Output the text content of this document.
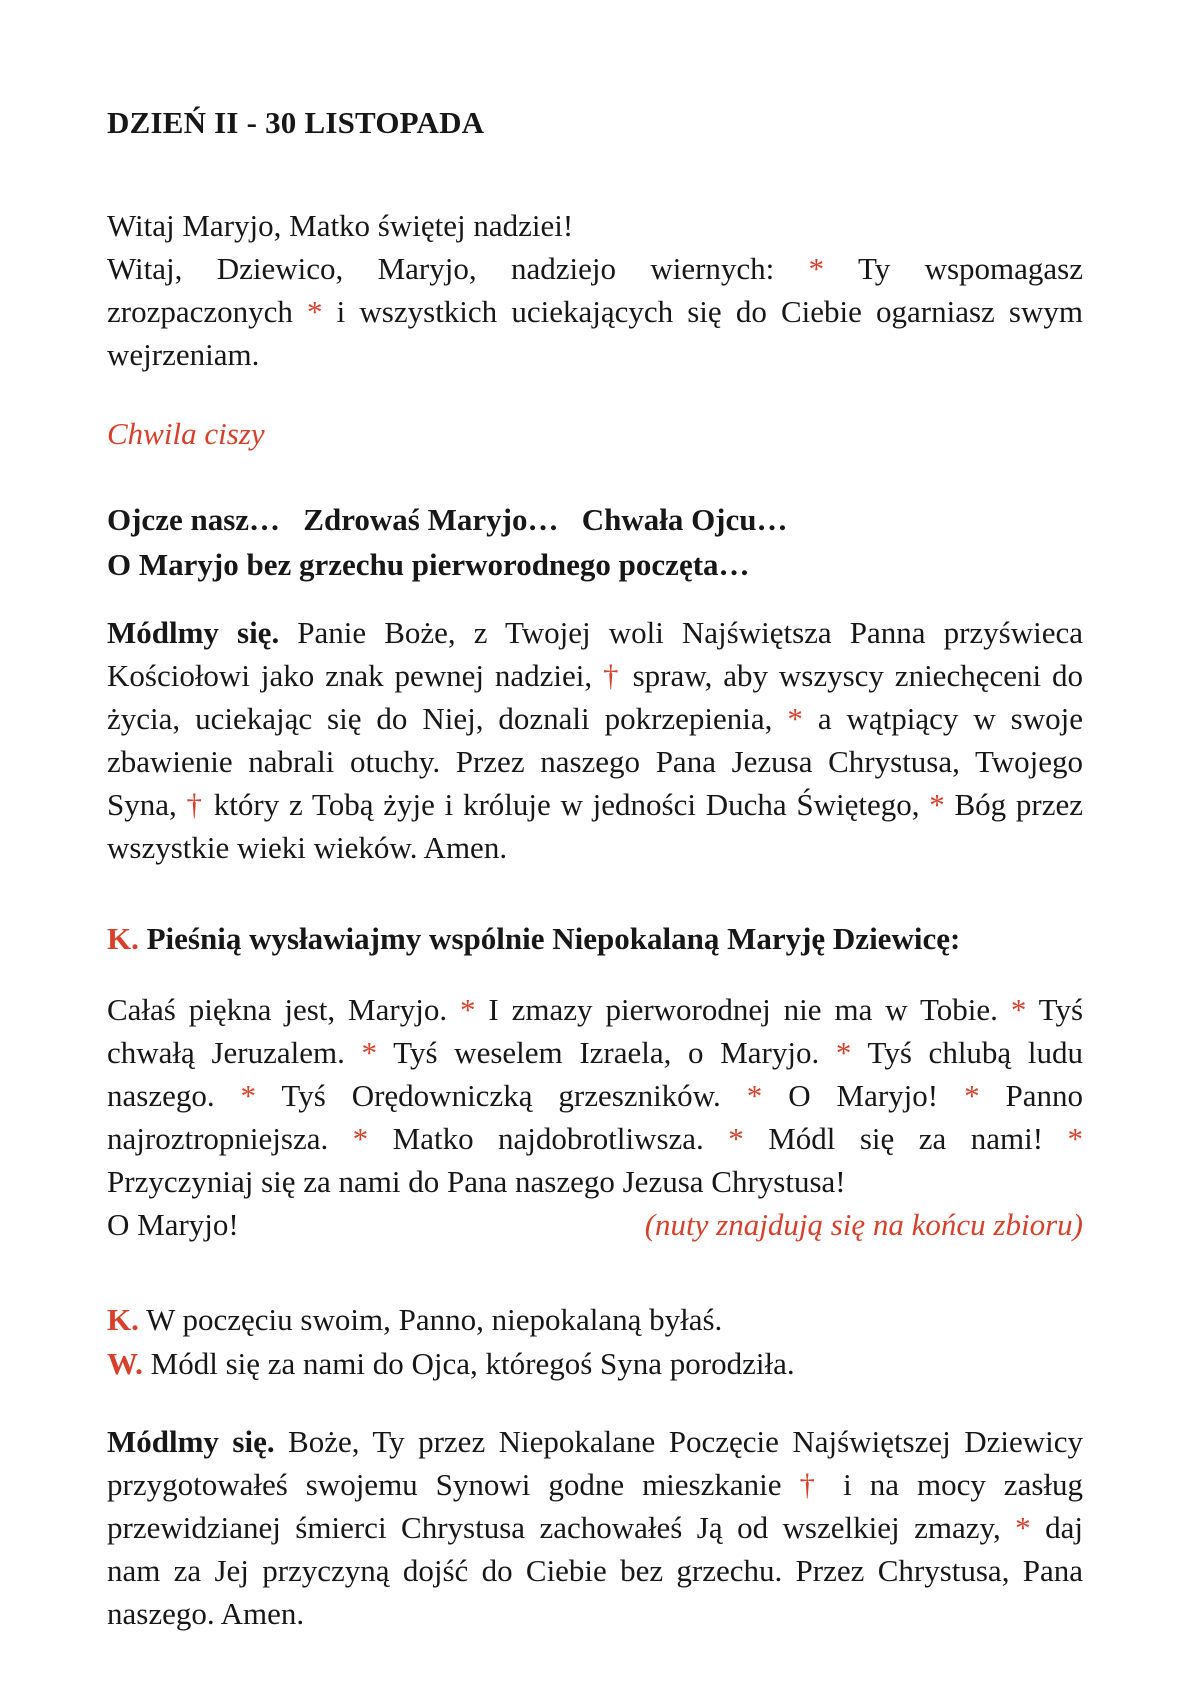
DZIEŃ II - 30 LISTOPADA

Witaj Maryjo, Matko świętej nadziei!
Witaj, Dziewico, Maryjo, nadziejo wiernych: * Ty wspomagasz zrozpaczonych * i wszystkich uciekających się do Ciebie ogarniasz swym wejrzeniam.

Chwila ciszy

Ojcze nasz…   Zdrowaś Maryjo…   Chwała Ojcu…
O Maryjo bez grzechu pierworodnego poczęta…

Módlmy się. Panie Boże, z Twojej woli Najświętsza Panna przyświeca Kościołowi jako znak pewnej nadziei, † spraw, aby wszyscy zniechęceni do życia, uciekając się do Niej, doznali pokrzepienia, * a wątpiący w swoje zbawienie nabrali otuchy. Przez naszego Pana Jezusa Chrystusa, Twojego Syna, † który z Tobą żyje i króluje w jedności Ducha Świętego, * Bóg przez wszystkie wieki wieków. Amen.

K. Pieśnią wysławiajmy wspólnie Niepokalaną Maryję Dziewicę:

Całaś piękna jest, Maryjo. * I zmazy pierworodnej nie ma w Tobie. * Tyś chwałą Jeruzalem. * Tyś weselem Izraela, o Maryjo. * Tyś chlubą ludu naszego. * Tyś Orędowniczką grzeszników. * O Maryjo! * Panno najroztropniejsza. * Matko najdobrotliwsza. * Módl się za nami! * Przyczyniaj się za nami do Pana naszego Jezusa Chrystusa!

O Maryjo!	(nuty znajdują się na końcu zbioru)

K. W poczęciu swoim, Panno, niepokalaną byłaś.

W. Módl się za nami do Ojca, któregoś Syna porodziła.

Módlmy się. Boże, Ty przez Niepokalane Poczęcie Najświętszej Dziewicy przygotowałeś swojemu Synowi godne mieszkanie † i na mocy zasług przewidzianej śmierci Chrystusa zachowałeś Ją od wszelkiej zmazy, * daj nam za Jej przyczyną dojść do Ciebie bez grzechu. Przez Chrystusa, Pana naszego. Amen.
